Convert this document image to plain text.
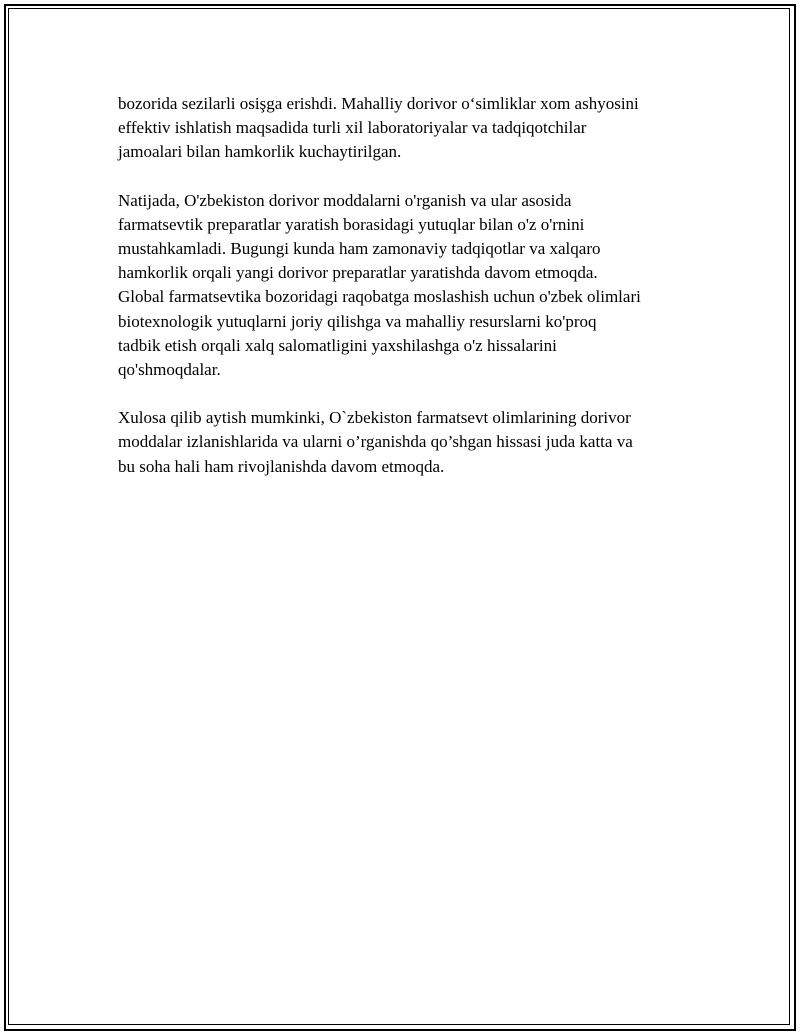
bozorida sezilarli osişga erishdi. Mahalliy dorivor o‘simliklar xom ashyosini
effektiv ishlatish maqsadida turli xil laboratoriyalar va tadqiqotchilar
jamoalari bilan hamkorlik kuchaytirilgan.

Natijada, O'zbekiston dorivor moddalarni o'rganish va ular asosida
farmatsevtik preparatlar yaratish borasidagi yutuqlar bilan o'z o'rnini
mustahkamladi. Bugungi kunda ham zamonaviy tadqiqotlar va xalqaro
hamkorlik orqali yangi dorivor preparatlar yaratishda davom etmoqda.
Global farmatsevtika bozoridagi raqobatga moslashish uchun o'zbek olimlari
biotexnologik yutuqlarni joriy qilishga va mahalliy resurslarni ko'proq
tadbik etish orqali xalq salomatligini yaxshilashga o'z hissalarini
qo'shmoqdalar.

Xulosa qilib aytish mumkinki, O`zbekiston farmatsevt olimlarining dorivor
moddalar izlanishlarida va ularni o’rganishda qo’shgan hissasi juda katta va
bu soha hali ham rivojlanishda davom etmoqda.
